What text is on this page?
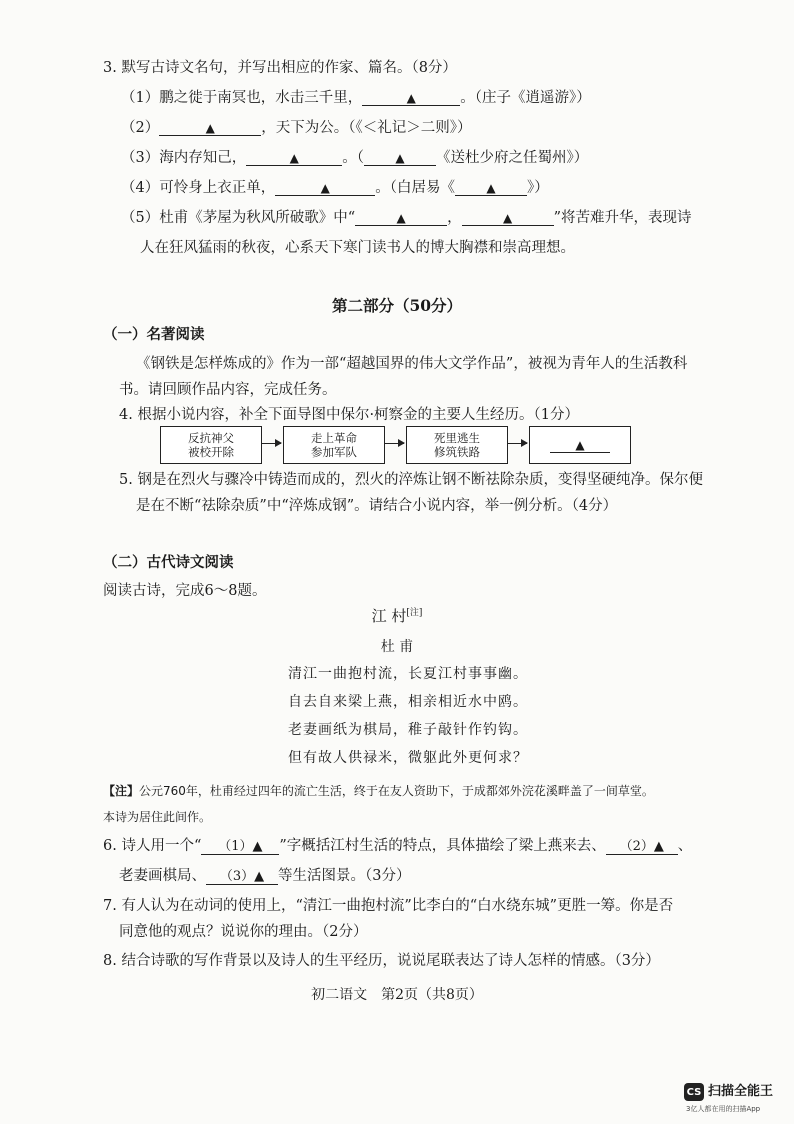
3. 默写古诗文名句，并写出相应的作家、篇名。（8分）
（1）鹏之徙于南冥也，水击三千里，	▲	。（庄子《逍遥游》）
（2）	▲	，天下为公。（《＜礼记＞二则》）
（3）海内存知己，	▲	。（	▲ 《送杜少府之任蜀州》）
（4）可怜身上衣正单，	▲	。（白居易《	▲ 》）
（5）杜甫《茅屋为秋风所破歌》中“	▲	，	▲	”将苦难升华，表现诗
人在狂风猛雨的秋夜，心系天下寒门读书人的博大胸襟和崇高理想。
第二部分（50分）
（一）名著阅读
《钢铁是怎样炼成的》作为一部“超越国界的伟大文学作品”，被视为青年人的生活教科
书。请回顾作品内容，完成任务。
4. 根据小说内容，补全下面导图中保尔·柯察金的主要人生经历。（1分）
反抗神父
被校开除
走上革命
参加军队
死里逃生
修筑铁路
▲
5. 钢是在烈火与骤冷中铸造而成的，烈火的淬炼让钢不断祛除杂质，变得坚硬纯净。保尔便
是在不断“祛除杂质”中“淬炼成钢”。请结合小说内容，举一例分析。（4分）
（二）古代诗文阅读
阅读古诗，完成6～8题。
江 村[注]
杜 甫
清江一曲抱村流，长夏江村事事幽。
自去自来梁上燕，相亲相近水中鸥。
老妻画纸为棋局，稚子敲针作钓钩。
但有故人供禄米，微躯此外更何求？
【注】公元760年，杜甫经过四年的流亡生活，终于在友人资助下，于成都郊外浣花溪畔盖了一间草堂。
本诗为居住此间作。
6. 诗人用一个“ （1）▲ ”字概括江村生活的特点，具体描绘了梁上燕来去、 （2）▲ 、
老妻画棋局、 （3）▲ 等生活图景。（3分）
7. 有人认为在动词的使用上，“清江一曲抱村流”比李白的“白水绕东城”更胜一筹。你是否
同意他的观点？说说你的理由。（2分）
8. 结合诗歌的写作背景以及诗人的生平经历，说说尾联表达了诗人怎样的情感。（3分）
初二语文　第2页（共8页）
CS 扫描全能王
3亿人都在用的扫描App
